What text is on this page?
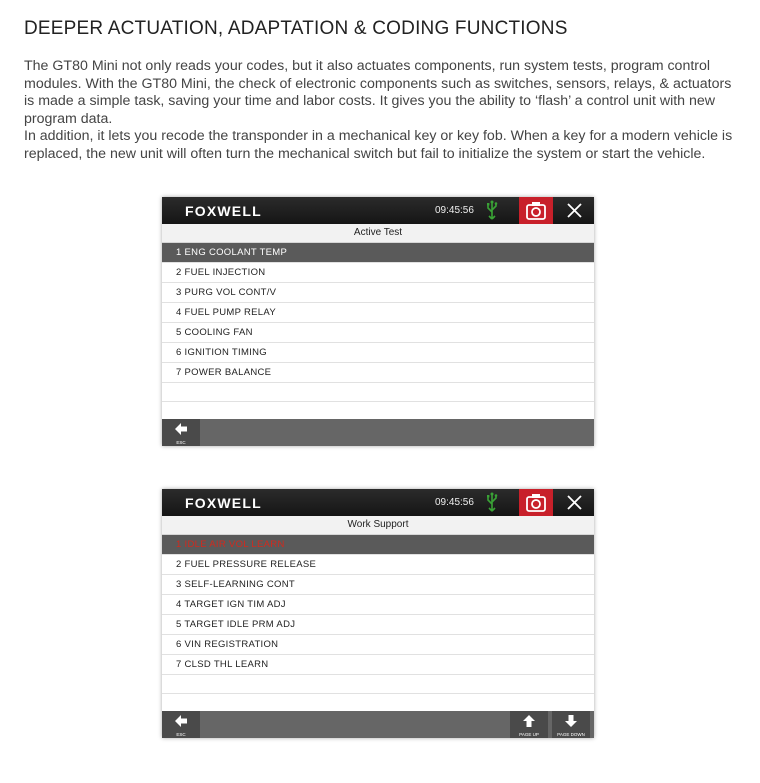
DEEPER ACTUATION, ADAPTATION & CODING FUNCTIONS

The GT80 Mini not only reads your codes, but it also actuates components, run system tests, program control modules. With the GT80 Mini, the check of electronic components such as switches, sensors, relays, & actuators is made a simple task, saving your time and labor costs. It gives you the ability to ‘flash’ a control unit with new program data.

In addition, it lets you recode the transponder in a mechanical key or key fob. When a key for a modern vehicle is replaced, the new unit will often turn the mechanical switch but fail to initialize the system or start the vehicle.

FOXWELL	09:45:56
Active Test
1 ENG COOLANT TEMP
2 FUEL INJECTION
3 PURG VOL CONT/V
4 FUEL PUMP RELAY
5 COOLING FAN
6 IGNITION TIMING
7 POWER BALANCE
ESC
FOXWELL	09:45:56
Work Support
1 IDLE AIR VOL LEARN
2 FUEL PRESSURE RELEASE
3 SELF-LEARNING CONT
4 TARGET IGN TIM ADJ
5 TARGET IDLE PRM ADJ
6 VIN REGISTRATION
7 CLSD THL LEARN
ESC	PAGE UP	PAGE DOWN
